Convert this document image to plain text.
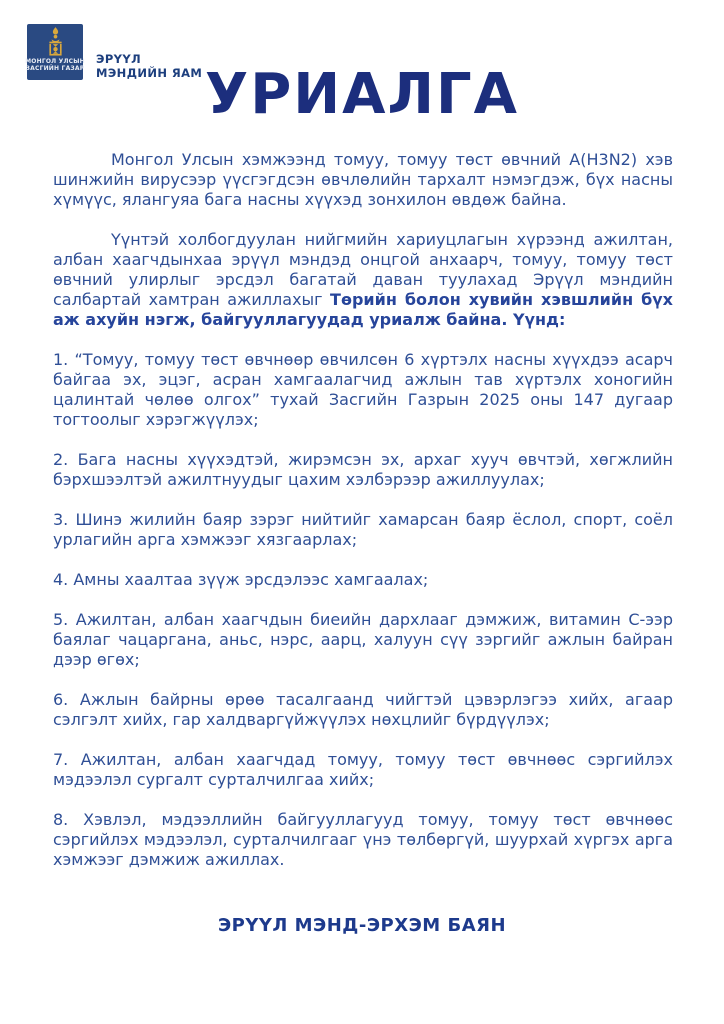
МОНГОЛ УЛСЫН
ЗАСГИЙН ГАЗАР
ЭРҮҮЛ
МЭНДИЙН ЯАМ УРИАЛГА

Монгол Улсын хэмжээнд томуу, томуу төст өвчний А(H3N2) хэв шинжийн вирусээр үүсгэгдсэн өвчлөлийн тархалт нэмэгдэж, бүх насны хүмүүс, ялангуяа бага насны хүүхэд зонхилон өвдөж байна.

Үүнтэй холбогдуулан нийгмийн хариуцлагын хүрээнд ажилтан, албан хаагчдынхаа эрүүл мэндэд онцгой анхаарч, томуу, томуу төст өвчний улирлыг эрсдэл багатай даван туулахад Эрүүл мэндийн салбартай хамтран ажиллахыг Төрийн болон хувийн хэвшлийн бүх аж ахуйн нэгж, байгууллагуудад уриалж байна. Үүнд:

1. “Томуу, томуу төст өвчнөөр өвчилсөн 6 хүртэлх насны хүүхдээ асарч байгаа эх, эцэг, асран хамгаалагчид ажлын тав хүртэлх хоногийн цалинтай чөлөө олгох” тухай Засгийн Газрын 2025 оны 147 дугаар тогтоолыг хэрэгжүүлэх;

2. Бага насны хүүхэдтэй, жирэмсэн эх, архаг хууч өвчтэй, хөгжлийн бэрхшээлтэй ажилтнуудыг цахим хэлбэрээр ажиллуулах;

3. Шинэ жилийн баяр зэрэг нийтийг хамарсан баяр ёслол, спорт, соёл урлагийн арга хэмжээг хязгаарлах;

4. Амны хаалтаа зүүж эрсдэлээс хамгаалах;

5. Ажилтан, албан хаагчдын биеийн дархлааг дэмжиж, витамин С-ээр баялаг чацаргана, аньс, нэрс, аарц, халуун сүү зэргийг ажлын байран дээр өгөх;

6. Ажлын байрны өрөө тасалгаанд чийгтэй цэвэрлэгээ хийх, агаар сэлгэлт хийх, гар халдваргүйжүүлэх нөхцлийг бүрдүүлэх;

7. Ажилтан, албан хаагчдад томуу, томуу төст өвчнөөс сэргийлэх мэдээлэл сургалт сурталчилгаа хийх;

8. Хэвлэл, мэдээллийн байгууллагууд томуу, томуу төст өвчнөөс сэргийлэх мэдээлэл, сурталчилгааг үнэ төлбөргүй, шуурхай хүргэх арга хэмжээг дэмжиж ажиллах.

ЭРҮҮЛ МЭНД-ЭРХЭМ БАЯН
